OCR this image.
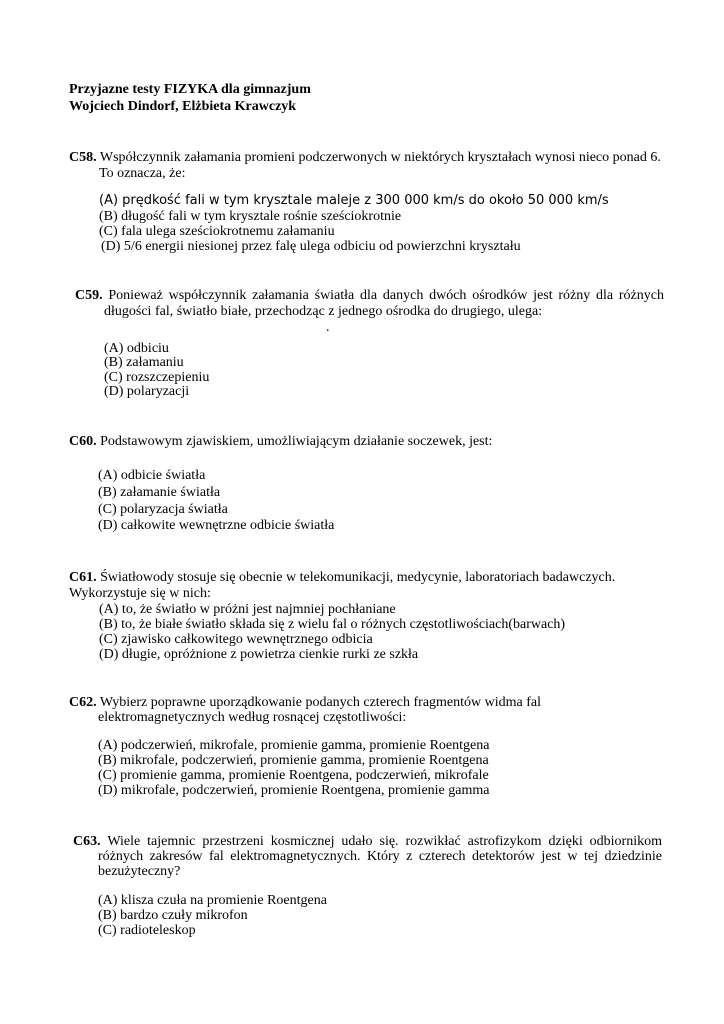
Przyjazne testy FIZYKA dla gimnazjum
Wojciech Dindorf, Elżbieta Krawczyk
C58. Współczynnik załamania promieni podczerwonych w niektórych kryształach wynosi nieco ponad 6.
To oznacza, że:
(A) prędkość fali w tym krysztale maleje z 300 000 km/s do około 50 000 km/s
(B) długość fali w tym krysztale rośnie sześciokrotnie
(C) fala ulega sześciokrotnemu załamaniu
(D) 5/6 energii niesionej przez falę ulega odbiciu od powierzchni kryształu
C59. Ponieważ współczynnik załamania światła dla danych dwóch ośrodków jest różny dla różnych
długości fal, światło białe, przechodząc z jednego ośrodka do drugiego, ulega:
.
(A) odbiciu
(B) załamaniu
(C) rozszczepieniu
(D) polaryzacji
C60. Podstawowym zjawiskiem, umożliwiającym działanie soczewek, jest:
(A) odbicie światła
(B) załamanie światła
(C) polaryzacja światła
(D) całkowite wewnętrzne odbicie światła
C61. Światłowody stosuje się obecnie w telekomunikacji, medycynie, laboratoriach badawczych.
Wykorzystuje się w nich:
(A) to, że światło w próżni jest najmniej pochłaniane
(B) to, że białe światło składa się z wielu fal o różnych częstotliwościach(barwach)
(C) zjawisko całkowitego wewnętrznego odbicia
(D) długie, opróżnione z powietrza cienkie rurki ze szkła
C62. Wybierz poprawne uporządkowanie podanych czterech fragmentów widma fal
elektromagnetycznych według rosnącej częstotliwości:
(A) podczerwień, mikrofale, promienie gamma, promienie Roentgena
(B) mikrofale, podczerwień, promienie gamma, promienie Roentgena
(C) promienie gamma, promienie Roentgena, podczerwień, mikrofale
(D) mikrofale, podczerwień, promienie Roentgena, promienie gamma
C63. Wiele tajemnic przestrzeni kosmicznej udało się. rozwikłać astrofizykom dzięki odbiornikom
różnych zakresów fal elektromagnetycznych. Który z czterech detektorów jest w tej dziedzinie
bezużyteczny?
(A) klisza czuła na promienie Roentgena
(B) bardzo czuły mikrofon
(C) radioteleskop
